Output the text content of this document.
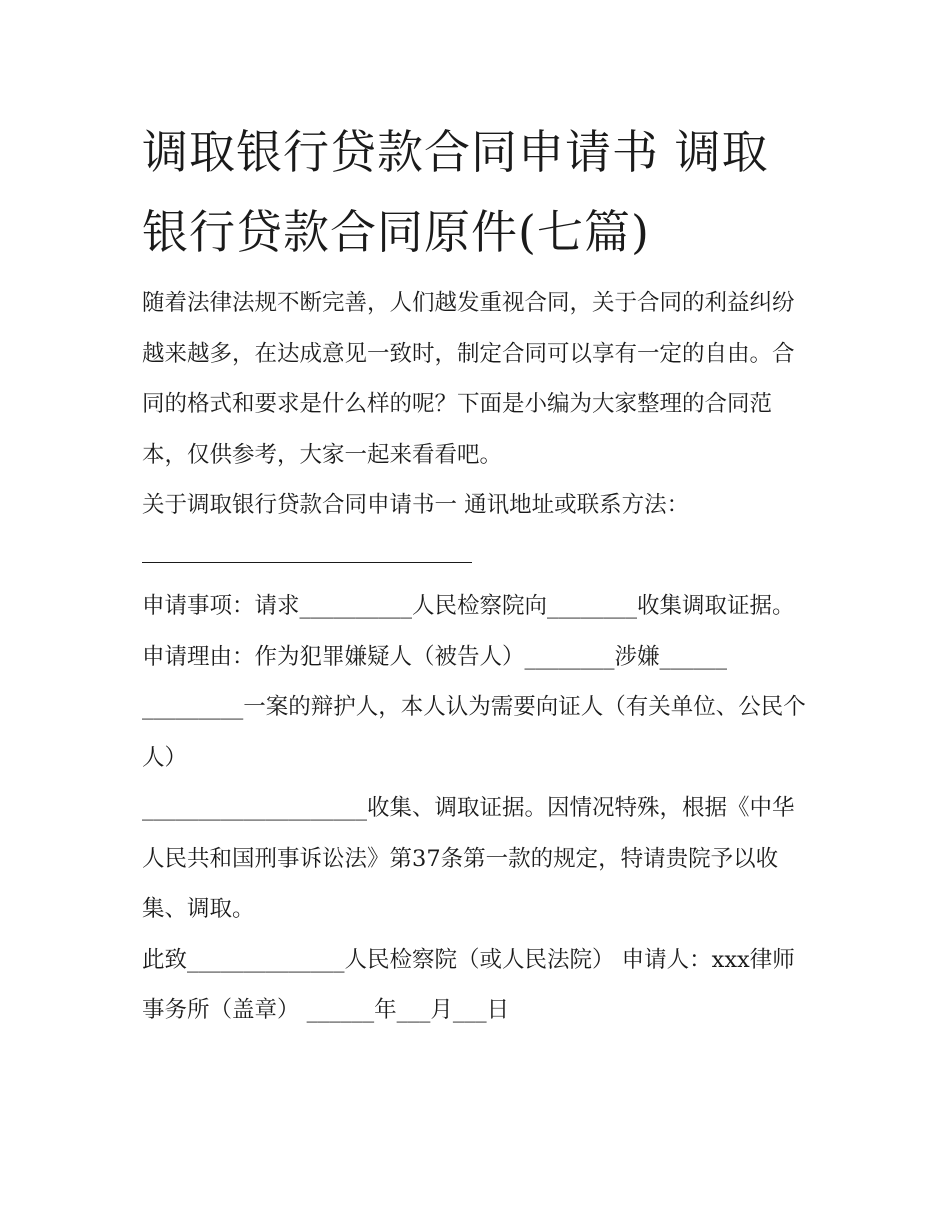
调取银行贷款合同申请书 调取银行贷款合同原件(七篇)

随着法律法规不断完善，人们越发重视合同，关于合同的利益纠纷越来越多，在达成意见一致时，制定合同可以享有一定的自由。合同的格式和要求是什么样的呢？下面是小编为大家整理的合同范本，仅供参考，大家一起来看看吧。

关于调取银行贷款合同申请书一 通讯地址或联系方法：

申请事项：请求__________人民检察院向________收集调取证据。

申请理由：作为犯罪嫌疑人（被告人）________涉嫌______ _________一案的辩护人，本人认为需要向证人（有关单位、公民个人）

____________________收集、调取证据。因情况特殊，根据《中华人民共和国刑事诉讼法》第37条第一款的规定，特请贵院予以收集、调取。

此致______________人民检察院（或人民法院） 申请人：xxx律师事务所（盖章） ______年___月___日
